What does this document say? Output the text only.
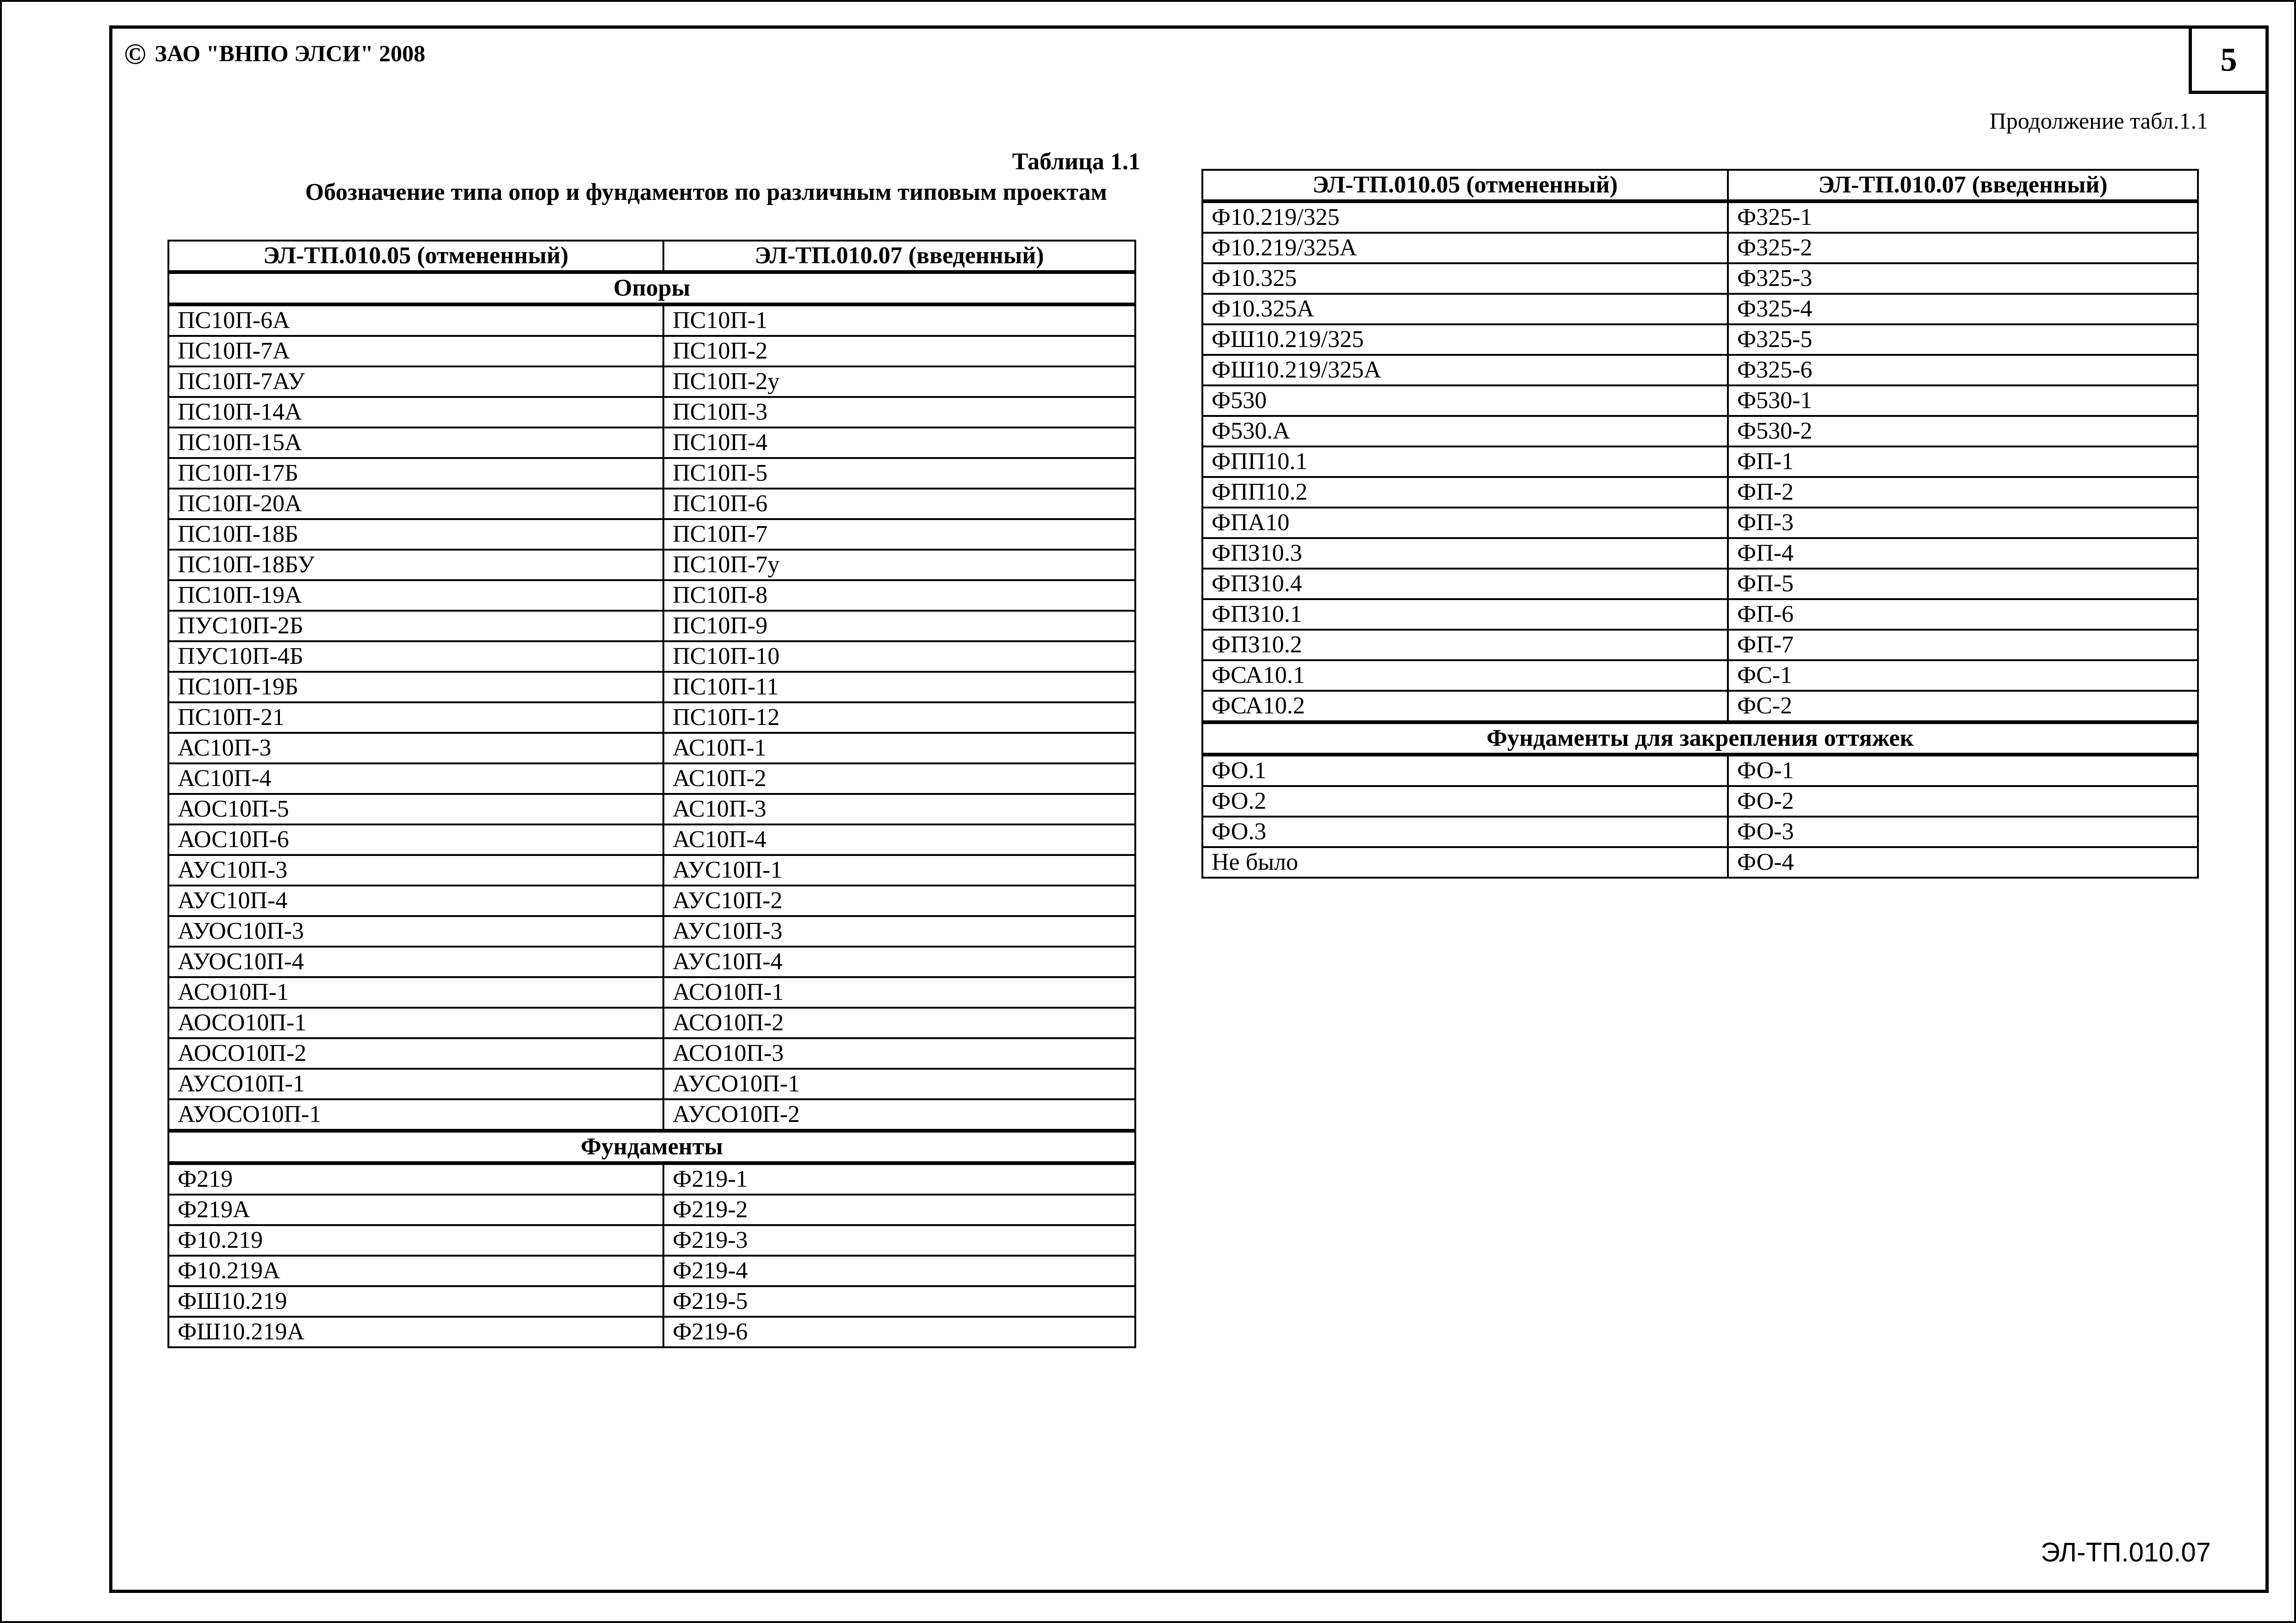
© ЗАО "ВНПО ЭЛСИ" 2008	5
Продолжение табл.1.1
Таблица 1.1
Обозначение типа опор и фундаментов по различным типовым проектам
ЭЛ-ТП.010.05 (отмененный)	ЭЛ-ТП.010.07 (введенный)
Опоры	
ПС10П-6А	ПС10П-1
ПС10П-7А	ПС10П-2
ПС10П-7АУ	ПС10П-2у
ПС10П-14А	ПС10П-3
ПС10П-15А	ПС10П-4
ПС10П-17Б	ПС10П-5
ПС10П-20А	ПС10П-6
ПС10П-18Б	ПС10П-7
ПС10П-18БУ	ПС10П-7у
ПС10П-19А	ПС10П-8
ПУС10П-2Б	ПС10П-9
ПУС10П-4Б	ПС10П-10
ПС10П-19Б	ПС10П-11
ПС10П-21	ПС10П-12
АС10П-3	АС10П-1
АС10П-4	АС10П-2
АОС10П-5	АС10П-3
АОС10П-6	АС10П-4
АУС10П-3	АУС10П-1
АУС10П-4	АУС10П-2
АУОС10П-3	АУС10П-3
АУОС10П-4	АУС10П-4
АСО10П-1	АСО10П-1
АОСО10П-1	АСО10П-2
АОСО10П-2	АСО10П-3
АУСО10П-1	АУСО10П-1
АУОСО10П-1	АУСО10П-2
Фундаменты	
Ф219	Ф219-1
Ф219А	Ф219-2
Ф10.219	Ф219-3
Ф10.219А	Ф219-4
ФШ10.219	Ф219-5
ФШ10.219А	Ф219-6
ЭЛ-ТП.010.05 (отмененный)	ЭЛ-ТП.010.07 (введенный)
Ф10.219/325	Ф325-1
Ф10.219/325А	Ф325-2
Ф10.325	Ф325-3
Ф10.325А	Ф325-4
ФШ10.219/325	Ф325-5
ФШ10.219/325А	Ф325-6
Ф530	Ф530-1
Ф530.А	Ф530-2
ФПП10.1	ФП-1
ФПП10.2	ФП-2
ФПА10	ФП-3
ФПЗ10.3	ФП-4
ФПЗ10.4	ФП-5
ФПЗ10.1	ФП-6
ФПЗ10.2	ФП-7
ФСА10.1	ФС-1
ФСА10.2	ФС-2
Фундаменты для закрепления оттяжек	
ФО.1	ФО-1
ФО.2	ФО-2
ФО.3	ФО-3
Не было	ФО-4
ЭЛ-ТП.010.07
